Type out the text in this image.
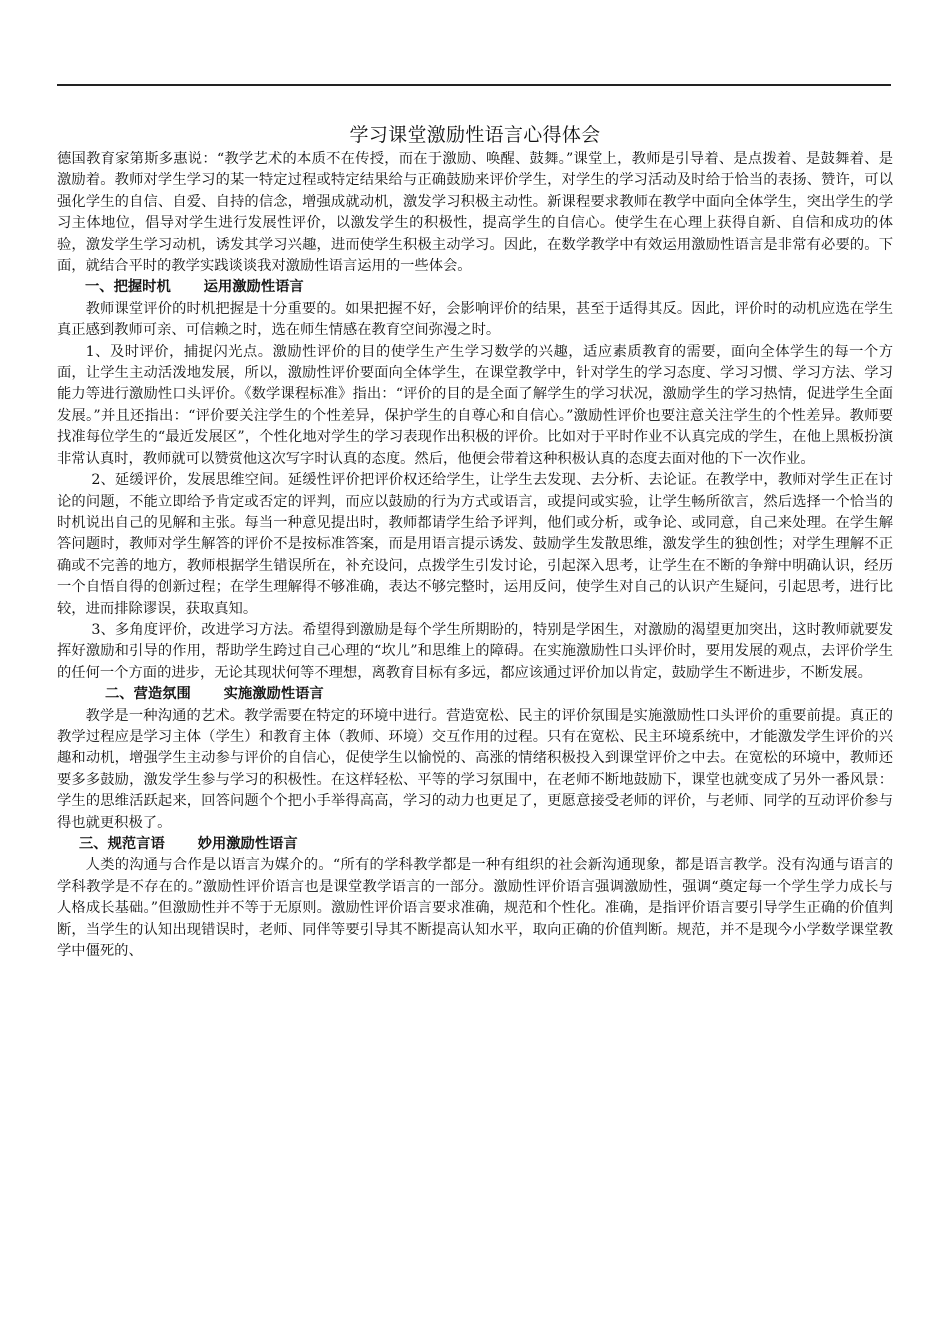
学习课堂激励性语言心得体会

德国教育家第斯多惠说：“教学艺术的本质不在传授，而在于激励、唤醒、鼓舞。”课堂上，教师是引导着、是点拨着、是鼓舞着、是激励着。教师对学生学习的某一特定过程或特定结果给与正确鼓励来评价学生，对学生的学习活动及时给于恰当的表扬、赞许，可以强化学生的自信、自爱、自持的信念，增强成就动机，激发学习积极主动性。新课程要求教师在教学中面向全体学生，突出学生的学习主体地位，倡导对学生进行发展性评价，以激发学生的积极性，提高学生的自信心。使学生在心理上获得自新、自信和成功的体验，激发学生学习动机，诱发其学习兴趣，进而使学生积极主动学习。因此，在数学教学中有效运用激励性语言是非常有必要的。下面，就结合平时的教学实践谈谈我对激励性语言运用的一些体会。

一、把握时机 运用激励性语言

教师课堂评价的时机把握是十分重要的。如果把握不好，会影响评价的结果，甚至于适得其反。因此，评价时的动机应选在学生真正感到教师可亲、可信赖之时，选在师生情感在教育空间弥漫之时。

1、及时评价，捕捉闪光点。激励性评价的目的使学生产生学习数学的兴趣，适应素质教育的需要，面向全体学生的每一个方面，让学生主动活泼地发展，所以，激励性评价要面向全体学生，在课堂教学中，针对学生的学习态度、学习习惯、学习方法、学习能力等进行激励性口头评价。《数学课程标准》指出：“评价的目的是全面了解学生的学习状况，激励学生的学习热情，促进学生全面发展。”并且还指出：“评价要关注学生的个性差异，保护学生的自尊心和自信心。”激励性评价也要注意关注学生的个性差异。教师要找准每位学生的“最近发展区”，个性化地对学生的学习表现作出积极的评价。比如对于平时作业不认真完成的学生，在他上黑板扮演非常认真时，教师就可以赞赏他这次写字时认真的态度。然后，他便会带着这种积极认真的态度去面对他的下一次作业。

2、延缓评价，发展思维空间。延缓性评价把评价权还给学生，让学生去发现、去分析、去论证。在教学中，教师对学生正在讨论的问题，不能立即给予肯定或否定的评判，而应以鼓励的行为方式或语言，或提问或实验，让学生畅所欲言，然后选择一个恰当的时机说出自己的见解和主张。每当一种意见提出时，教师都请学生给予评判，他们或分析，或争论、或同意，自己来处理。在学生解答问题时，教师对学生解答的评价不是按标准答案，而是用语言提示诱发、鼓励学生发散思维，激发学生的独创性；对学生理解不正确或不完善的地方，教师根据学生错误所在，补充设问，点拨学生引发讨论，引起深入思考，让学生在不断的争辩中明确认识，经历一个自悟自得的创新过程；在学生理解得不够准确，表达不够完整时，运用反问，使学生对自己的认识产生疑问，引起思考，进行比较，进而排除谬误，获取真知。

3、多角度评价，改进学习方法。希望得到激励是每个学生所期盼的，特别是学困生，对激励的渴望更加突出，这时教师就要发挥好激励和引导的作用，帮助学生跨过自己心理的“坎儿”和思维上的障碍。在实施激励性口头评价时，要用发展的观点，去评价学生的任何一个方面的进步，无论其现状何等不理想，离教育目标有多远，都应该通过评价加以肯定，鼓励学生不断进步，不断发展。

二、营造氛围 实施激励性语言

教学是一种沟通的艺术。教学需要在特定的环境中进行。营造宽松、民主的评价氛围是实施激励性口头评价的重要前提。真正的教学过程应是学习主体（学生）和教育主体（教师、环境）交互作用的过程。只有在宽松、民主环境系统中，才能激发学生评价的兴趣和动机，增强学生主动参与评价的自信心，促使学生以愉悦的、高涨的情绪积极投入到课堂评价之中去。在宽松的环境中，教师还要多多鼓励，激发学生参与学习的积极性。在这样轻松、平等的学习氛围中，在老师不断地鼓励下，课堂也就变成了另外一番风景：学生的思维活跃起来，回答问题个个把小手举得高高，学习的动力也更足了，更愿意接受老师的评价，与老师、同学的互动评价参与得也就更积极了。

三、规范言语 妙用激励性语言

人类的沟通与合作是以语言为媒介的。“所有的学科教学都是一种有组织的社会新沟通现象，都是语言教学。没有沟通与语言的学科教学是不存在的。”激励性评价语言也是课堂教学语言的一部分。激励性评价语言强调激励性，强调“奠定每一个学生学力成长与人格成长基础。”但激励性并不等于无原则。激励性评价语言要求准确，规范和个性化。准确，是指评价语言要引导学生正确的价值判断，当学生的认知出现错误时，老师、同伴等要引导其不断提高认知水平，取向正确的价值判断。规范，并不是现今小学数学课堂教学中僵死的、
